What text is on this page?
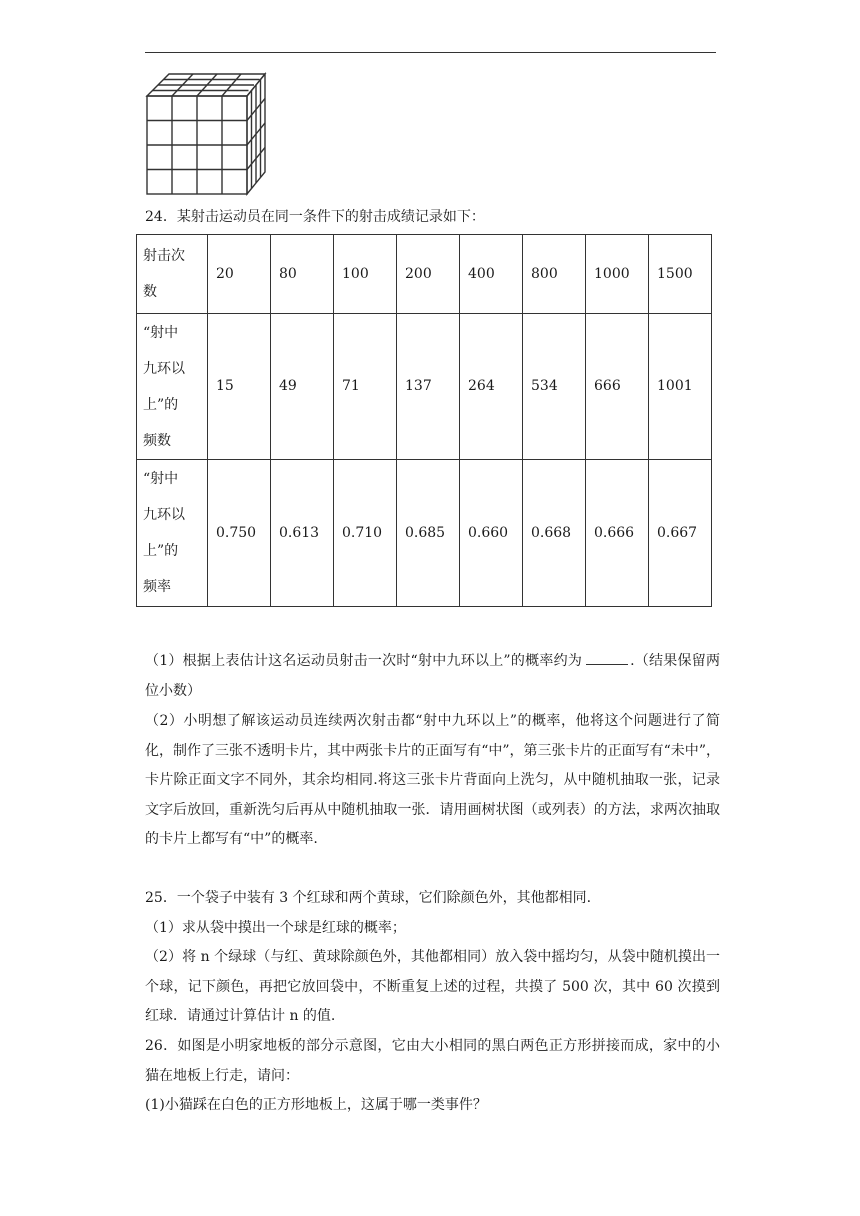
24．某射击运动员在同一条件下的射击成绩记录如下：
射击次
数	20	80	100	200	400	800	1000	1500
“射中
九环以
上”的
频数	15	49	71	137	264	534	666	1001
“射中
九环以
上”的
频率	0.750	0.613	0.710	0.685	0.660	0.668	0.666	0.667

（1）根据上表估计这名运动员射击一次时“射中九环以上”的概率约为	.（结果保留两位小数）

（2）小明想了解该运动员连续两次射击都“射中九环以上”的概率，他将这个问题进行了简化，制作了三张不透明卡片，其中两张卡片的正面写有“中”，第三张卡片的正面写有“未中”，卡片除正面文字不同外，其余均相同.将这三张卡片背面向上洗匀，从中随机抽取一张，记录文字后放回，重新洗匀后再从中随机抽取一张．请用画树状图（或列表）的方法，求两次抽取的卡片上都写有“中”的概率.

25．一个袋子中装有 3 个红球和两个黄球，它们除颜色外，其他都相同.

（1）求从袋中摸出一个球是红球的概率；

（2）将 n 个绿球（与红、黄球除颜色外，其他都相同）放入袋中摇均匀，从袋中随机摸出一个球，记下颜色，再把它放回袋中，不断重复上述的过程，共摸了 500 次，其中 60 次摸到红球．请通过计算估计 n 的值.

26．如图是小明家地板的部分示意图，它由大小相同的黑白两色正方形拼接而成，家中的小猫在地板上行走，请问：

(1)小猫踩在白色的正方形地板上，这属于哪一类事件？
